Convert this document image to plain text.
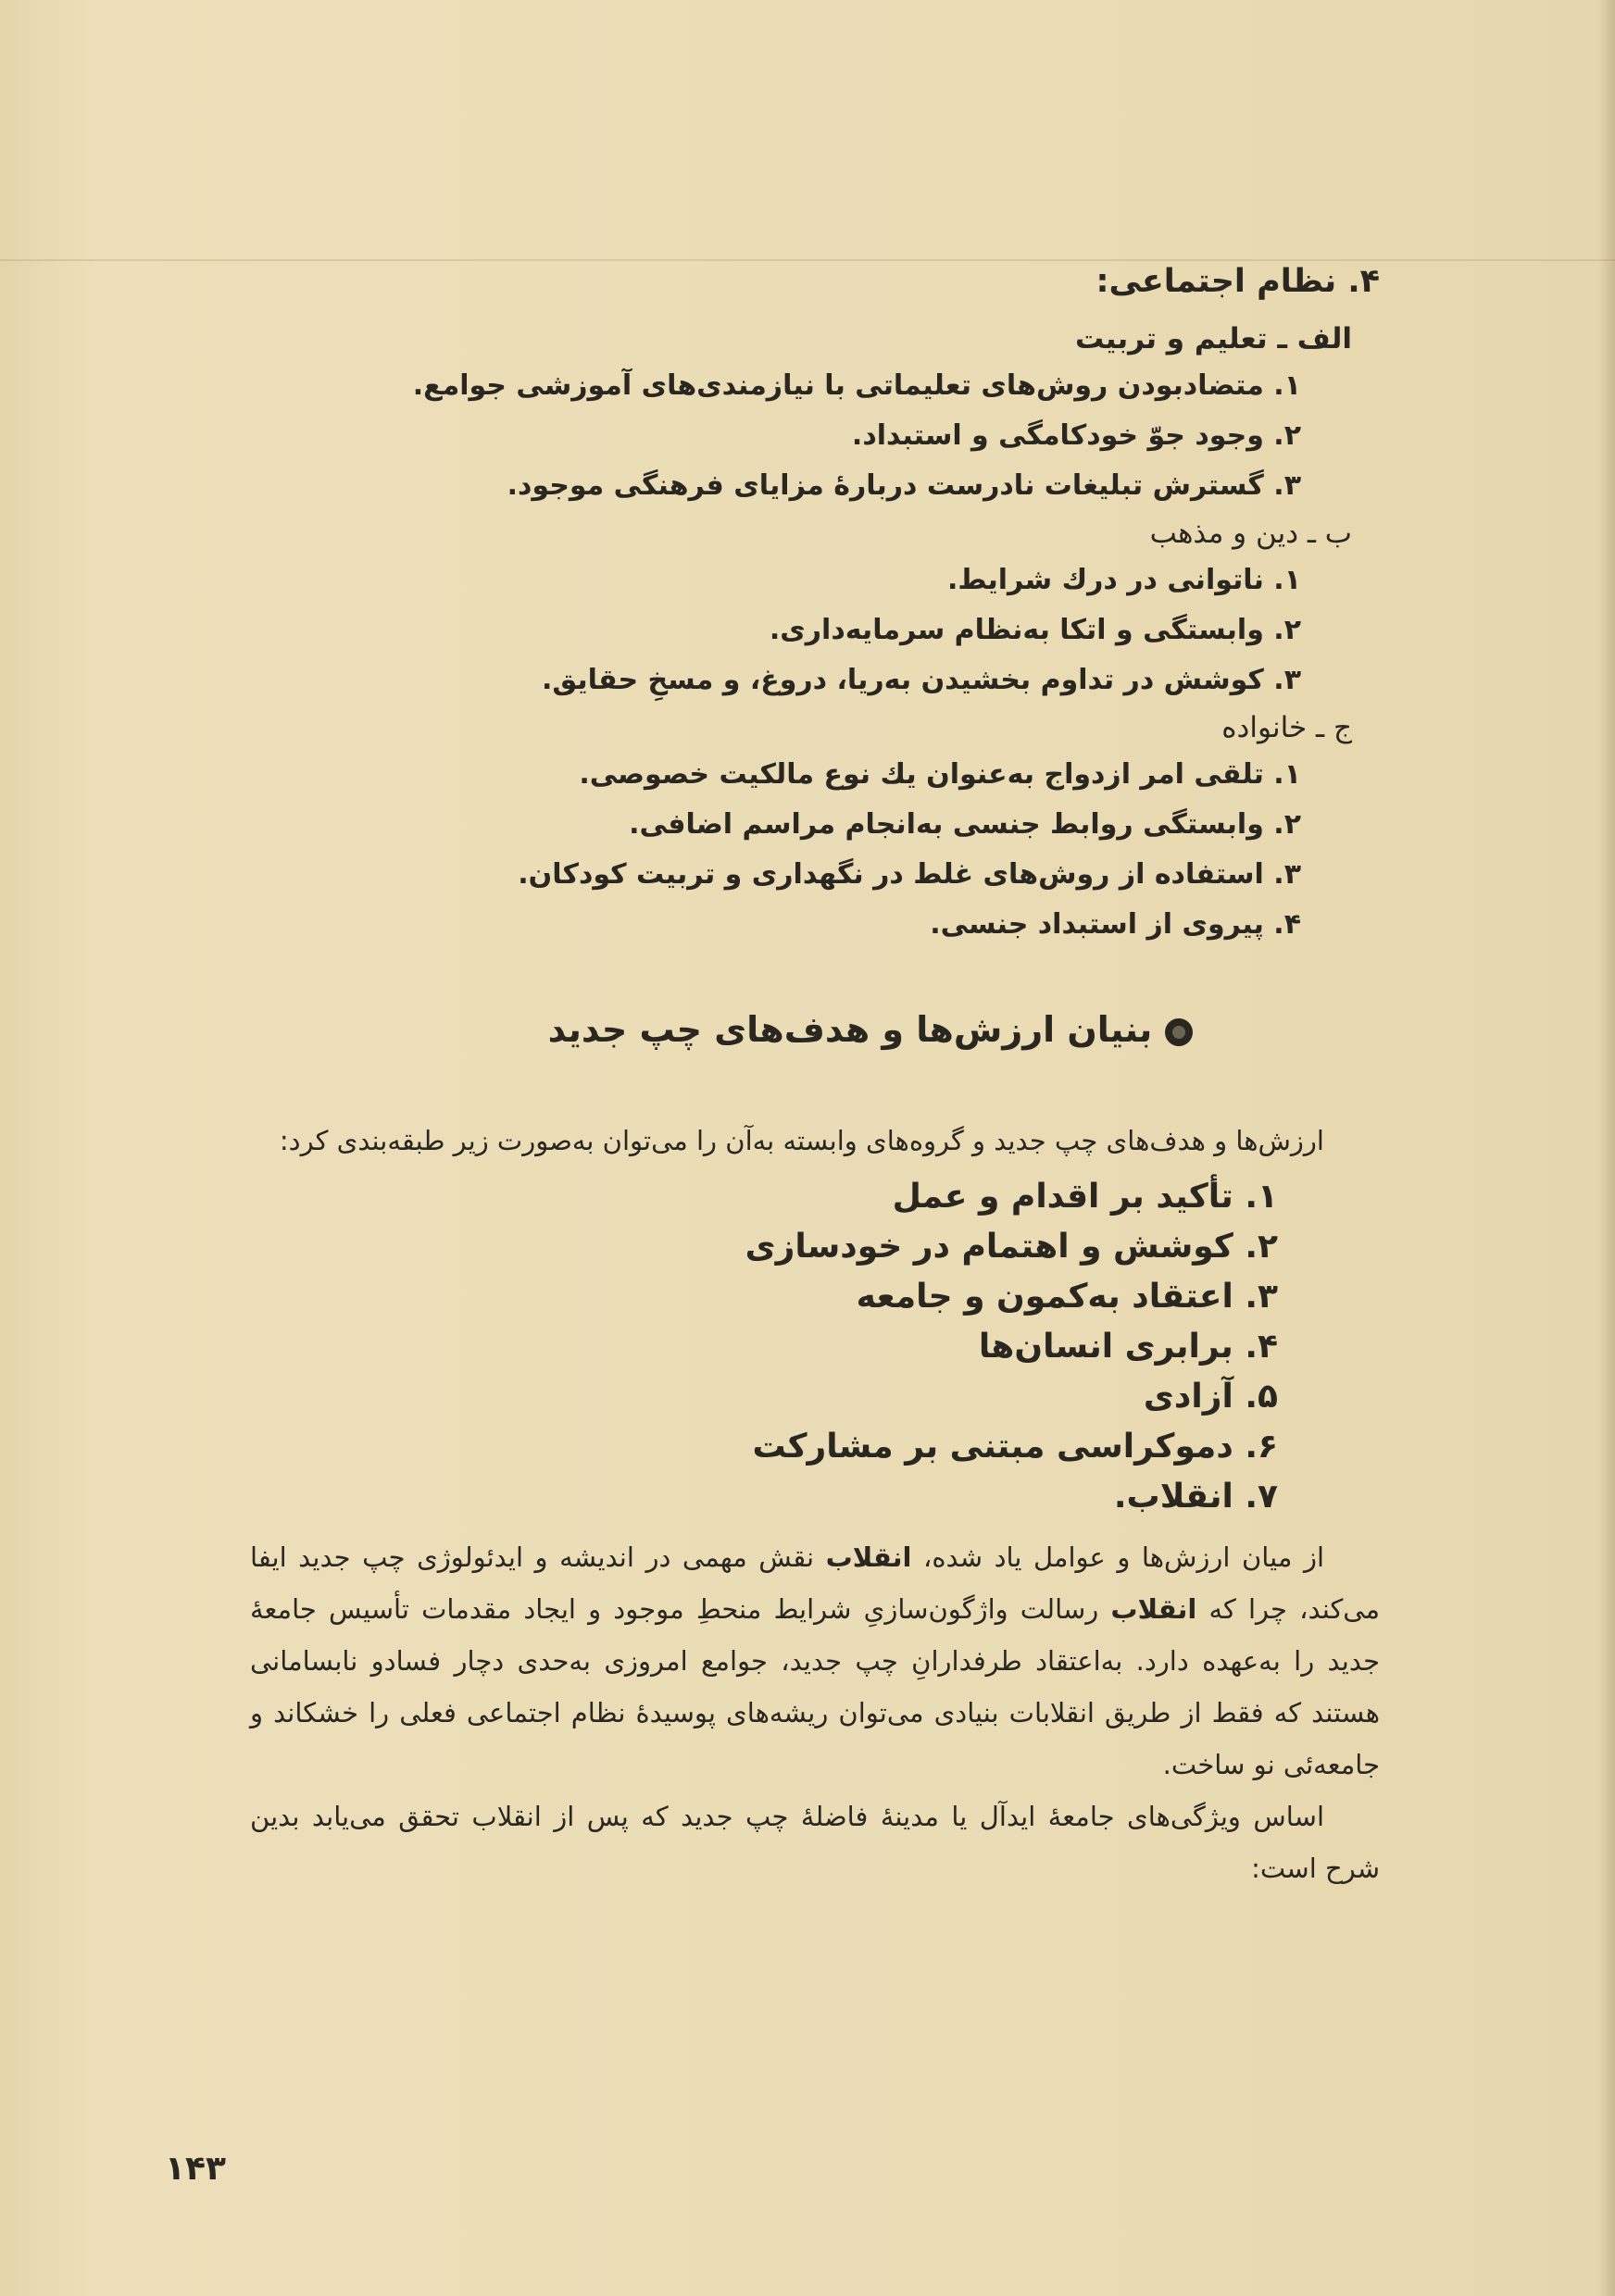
۴. نظام اجتماعی:

الف ـ تعلیم و تربیت

۱. متضادبودن روش‌های تعلیماتی با نیازمندی‌های آموزشی جوامع.
۲. وجود جوّ خودکامگی و استبداد.
۳. گسترش تبلیغات نادرست دربارهٔ مزایای فرهنگی موجود.

ب ـ دین و مذهب

۱. ناتوانی در درك شرایط.
۲. وابستگی و اتکا به‌نظام سرمایه‌داری.
۳. کوشش در تداوم بخشیدن به‌ریا، دروغ، و مسخِ حقایق.

ج ـ خانواده

۱. تلقی امر ازدواج به‌عنوان یك نوع مالکیت خصوصی.
۲. وابستگی روابط جنسی به‌انجام مراسم اضافی.
۳. استفاده از روش‌های غلط در نگهداری و تربیت کودکان.
۴. پیروی از استبداد جنسی.
بنیان ارزش‌ها و هدف‌های چپ جدید

ارزش‌ها و هدف‌های چپ جدید و گروه‌های وابسته به‌آن را می‌توان به‌صورت زیر طبقه‌بندی کرد:

۱. تأکید بر اقدام و عمل
۲. کوشش و اهتمام در خودسازی
۳. اعتقاد به‌کمون و جامعه
۴. برابری انسان‌ها
۵. آزادی
۶. دموکراسی مبتنی بر مشارکت
۷. انقلاب.

از میان ارزش‌ها و عوامل یاد شده، انقلاب نقش مهمی در اندیشه و ایدئولوژی چپ جدید ایفا می‌کند، چرا که انقلاب رسالت واژگون‌سازیِ شرایط منحطِ موجود و ایجاد مقدمات تأسیس جامعهٔ جدید را به‌عهده دارد. به‌اعتقاد طرفدارانِ چپ جدید، جوامع امروزی به‌حدی دچار فسادو نابسامانی هستند که فقط از طریق انقلابات بنیادی می‌توان ریشه‌های پوسیدهٔ نظام اجتماعی فعلی را خشکاند و جامعه‌ئی نو ساخت.

اساس ویژگی‌های جامعهٔ ایدآل یا مدینهٔ فاضلهٔ چپ جدید که پس از انقلاب تحقق می‌یابد بدین شرح است:

۱۴۳
